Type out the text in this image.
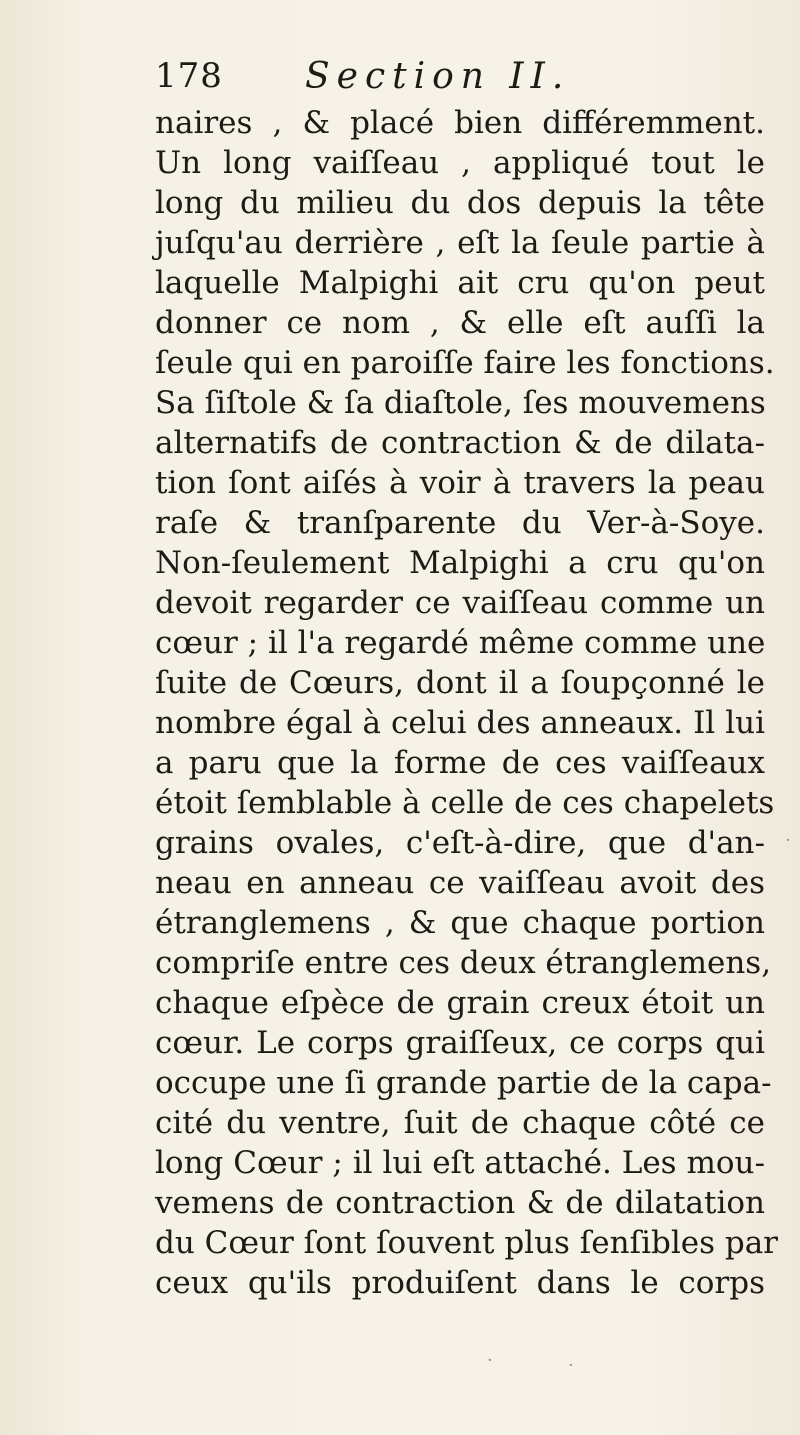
178 Section II.
naires , & placé bien différemment.
Un long vaiſſeau , appliqué tout le
long du milieu du dos depuis la tête
juſqu'au derrière , eſt la ſeule partie à
laquelle Malpighi ait cru qu'on peut
donner ce nom , & elle eſt auſſi la
ſeule qui en paroiſſe faire les fonctions.
Sa ſiſtole & ſa diaſtole, ſes mouvemens
alternatifs de contraction & de dilata-
tion ſont aiſés à voir à travers la peau
raſe & tranſparente du Ver-à-Soye.
Non-ſeulement Malpighi a cru qu'on
devoit regarder ce vaiſſeau comme un
cœur ; il l'a regardé même comme une
ſuite de Cœurs, dont il a ſoupçonné le
nombre égal à celui des anneaux. Il lui
a paru que la forme de ces vaiſſeaux
étoit ſemblable à celle de ces chapelets
grains ovales, c'eſt-à-dire, que d'an-
neau en anneau ce vaiſſeau avoit des
étranglemens , & que chaque portion
compriſe entre ces deux étranglemens,
chaque eſpèce de grain creux étoit un
cœur. Le corps graiſſeux, ce corps qui
occupe une ſi grande partie de la capa-
cité du ventre, ſuit de chaque côté ce
long Cœur ; il lui eſt attaché. Les mou-
vemens de contraction & de dilatation
du Cœur ſont ſouvent plus ſenſibles par
ceux qu'ils produiſent dans le corps
·	·
·
